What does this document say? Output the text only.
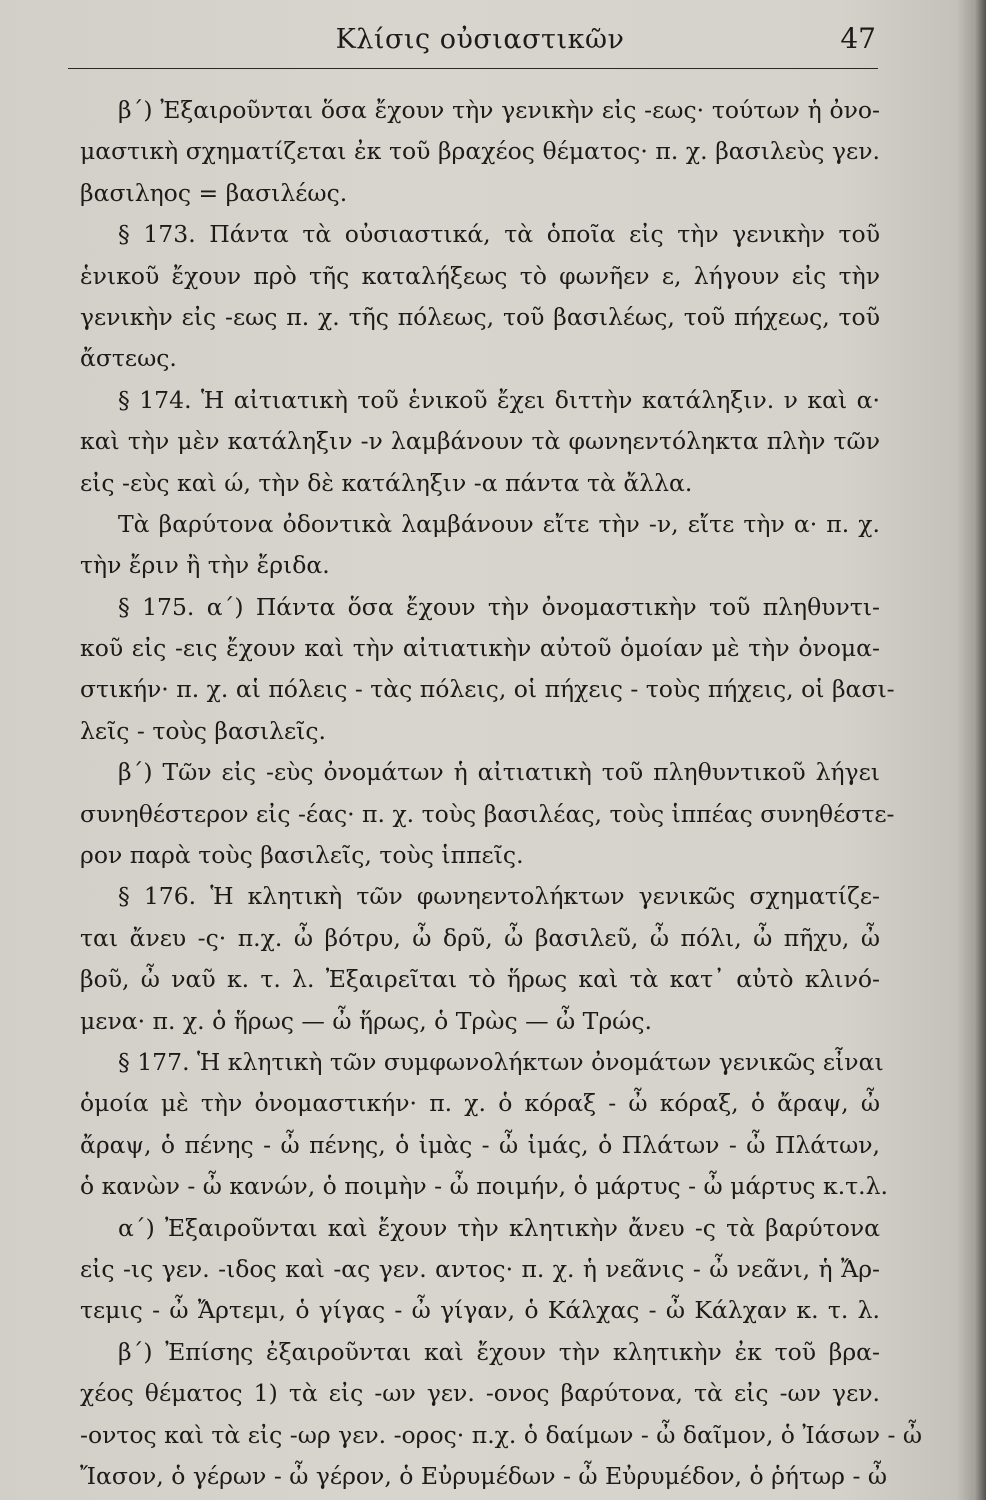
Κλίσις οὐσιαστικῶν	47
β΄) Ἐξαιροῦνται ὅσα ἔχουν τὴν γενικὴν εἰς -εως· τούτων ἡ ὀνο-
μαστικὴ σχηματίζεται ἐκ τοῦ βραχέος θέματος· π. χ. βασιλεὺς γεν.
βασιληος = βασιλέως.
§ 173. Πάντα τὰ οὐσιαστικά, τὰ ὁποῖα εἰς τὴν γενικὴν τοῦ
ἑνικοῦ ἔχουν πρὸ τῆς καταλήξεως τὸ φωνῆεν ε, λήγουν εἰς τὴν
γενικὴν εἰς -εως π. χ. τῆς πόλεως, τοῦ βασιλέως, τοῦ πήχεως, τοῦ
ἄστεως.
§ 174. Ἡ αἰτιατικὴ τοῦ ἑνικοῦ ἔχει διττὴν κατάληξιν. ν καὶ α·
καὶ τὴν μὲν κατάληξιν -ν λαμβάνουν τὰ φωνηεντόληκτα πλὴν τῶν
εἰς -εὺς καὶ ώ, τὴν δὲ κατάληξιν -α πάντα τὰ ἄλλα.
Τὰ βαρύτονα ὀδοντικὰ λαμβάνουν εἴτε τὴν -ν, εἴτε τὴν α· π. χ.
τὴν ἔριν ἢ τὴν ἔριδα.
§ 175. α΄) Πάντα ὅσα ἔχουν τὴν ὀνομαστικὴν τοῦ πληθυντι-
κοῦ εἰς -εις ἔχουν καὶ τὴν αἰτιατικὴν αὐτοῦ ὁμοίαν μὲ τὴν ὀνομα-
στικήν· π. χ. αἱ πόλεις - τὰς πόλεις, οἱ πήχεις - τοὺς πήχεις, οἱ βασι-
λεῖς - τοὺς βασιλεῖς.
β΄) Τῶν εἰς -εὺς ὀνομάτων ἡ αἰτιατικὴ τοῦ πληθυντικοῦ λήγει
συνηθέστερον εἰς -έας· π. χ. τοὺς βασιλέας, τοὺς ἱππέας συνηθέστε-
ρον παρὰ τοὺς βασιλεῖς, τοὺς ἱππεῖς.
§ 176. Ἡ κλητικὴ τῶν φωνηεντολήκτων γενικῶς σχηματίζε-
ται ἄνευ -ς· π.χ. ὦ βότρυ, ὦ δρῦ, ὦ βασιλεῦ, ὦ πόλι, ὦ πῆχυ, ὦ
βοῦ, ὦ ναῦ κ. τ. λ. Ἐξαιρεῖται τὸ ἥρως καὶ τὰ κατ᾿ αὐτὸ κλινό-
μενα· π. χ. ὁ ἥρως — ὦ ἥρως, ὁ Τρὼς — ὦ Τρώς.
§ 177. Ἡ κλητικὴ τῶν συμφωνολήκτων ὀνομάτων γενικῶς εἶναι
ὁμοία μὲ τὴν ὀνομαστικήν· π. χ. ὁ κόραξ - ὦ κόραξ, ὁ ἄραψ, ὦ
ἄραψ, ὁ πένης - ὦ πένης, ὁ ἱμὰς - ὦ ἱμάς, ὁ Πλάτων - ὦ Πλάτων,
ὁ κανὼν - ὦ κανών, ὁ ποιμὴν - ὦ ποιμήν, ὁ μάρτυς - ὦ μάρτυς κ.τ.λ.
α΄) Ἐξαιροῦνται καὶ ἔχουν τὴν κλητικὴν ἄνευ -ς τὰ βαρύτονα
εἰς -ις γεν. -ιδος καὶ -ας γεν. αντος· π. χ. ἡ νεᾶνις - ὦ νεᾶνι, ἡ Ἄρ-
τεμις - ὦ Ἄρτεμι, ὁ γίγας - ὦ γίγαν, ὁ Κάλχας - ὦ Κάλχαν κ. τ. λ.
β΄) Ἐπίσης ἐξαιροῦνται καὶ ἔχουν τὴν κλητικὴν ἐκ τοῦ βρα-
χέος θέματος 1) τὰ εἰς -ων γεν. -ονος βαρύτονα, τὰ εἰς -ων γεν.
-οντος καὶ τὰ εἰς -ωρ γεν. -ορος· π.χ. ὁ δαίμων - ὦ δαῖμον, ὁ Ἰάσων - ὦ
Ἴασον, ὁ γέρων - ὦ γέρον, ὁ Εὐρυμέδων - ὦ Εὐρυμέδον, ὁ ῥήτωρ - ὦ
